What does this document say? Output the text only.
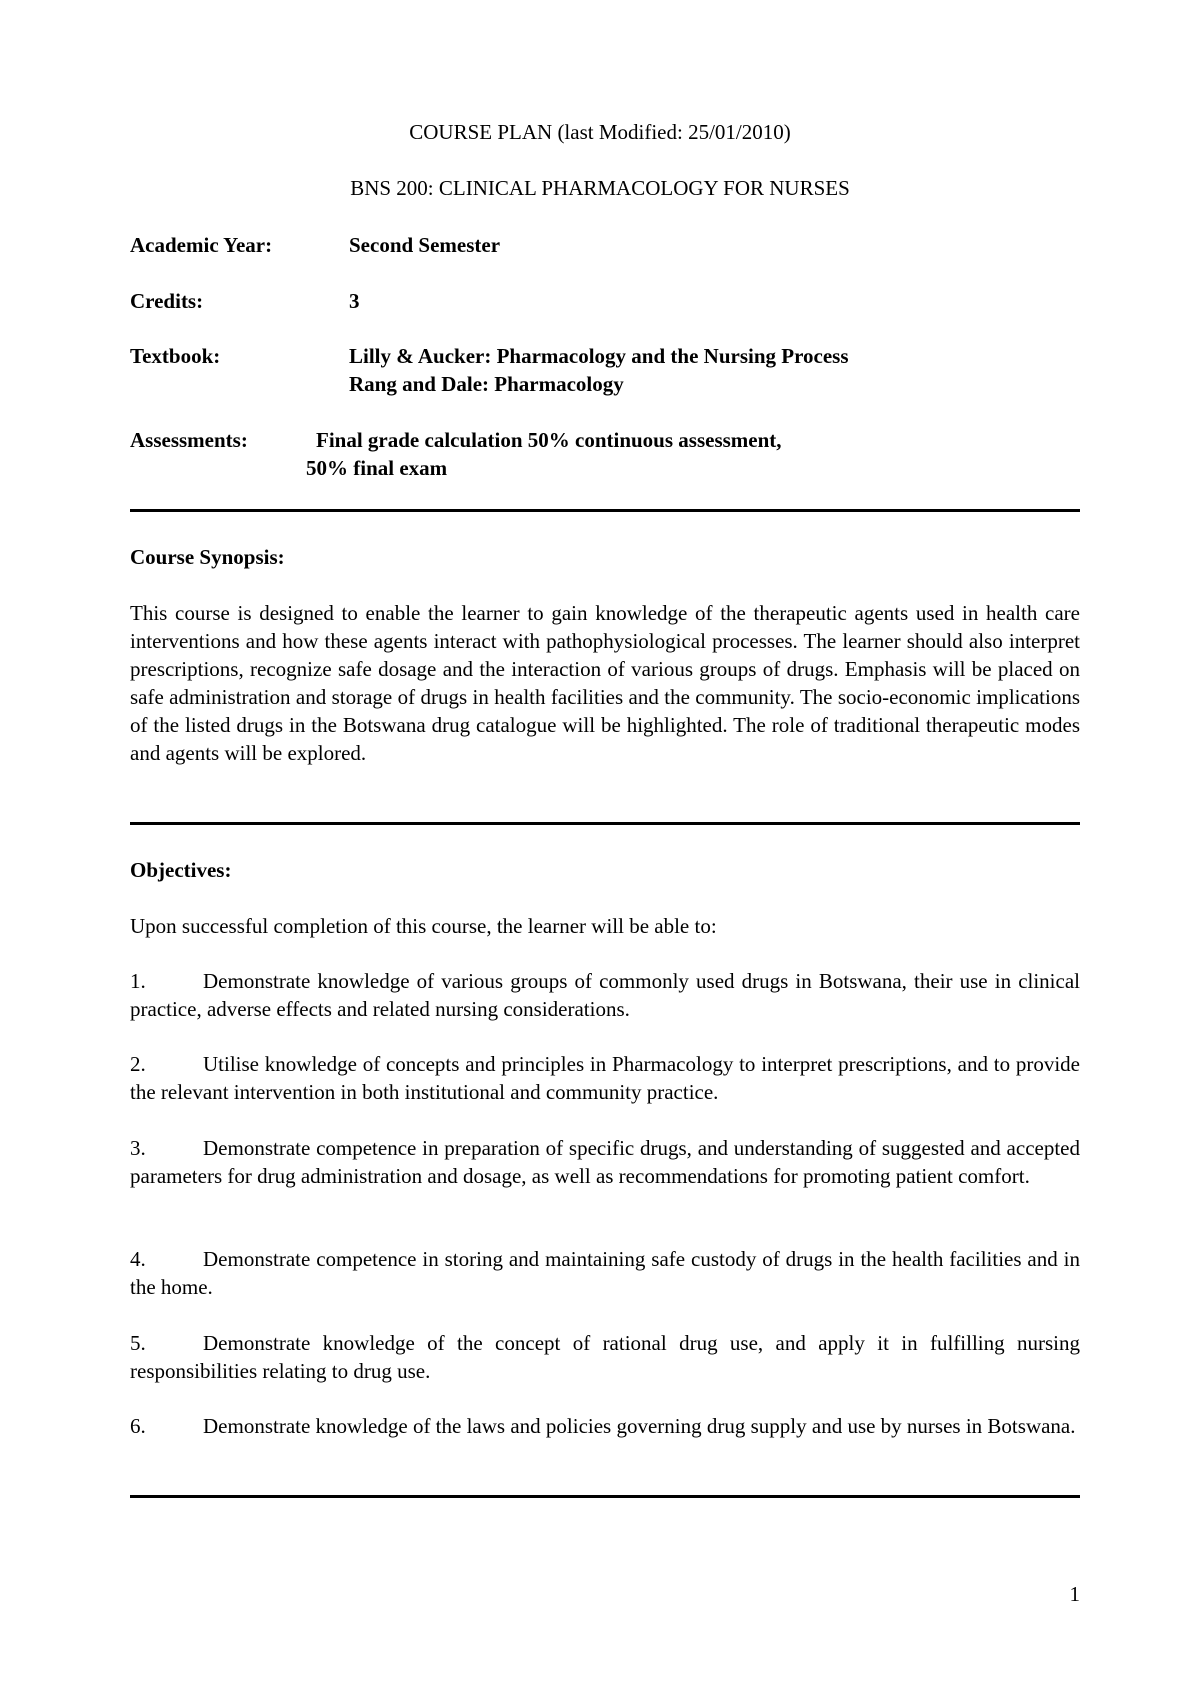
COURSE PLAN (last Modified: 25/01/2010)
BNS 200: CLINICAL PHARMACOLOGY FOR NURSES
Academic Year:	Second Semester
Credits:	3
Textbook:	Lilly & Aucker: Pharmacology and the Nursing Process
Rang and Dale: Pharmacology
Assessments:	Final grade calculation 50% continuous assessment,
50% final exam
Course Synopsis:
This course is designed to enable the learner to gain knowledge of the therapeutic agents used in health care interventions and how these agents interact with pathophysiological processes. The learner should also interpret prescriptions, recognize safe dosage and the interaction of various groups of drugs. Emphasis will be placed on safe administration and storage of drugs in health facilities and the community. The socio-economic implications of the listed drugs in the Botswana drug catalogue will be highlighted. The role of traditional therapeutic modes and agents will be explored.
Objectives:
Upon successful completion of this course, the learner will be able to:
1.	Demonstrate knowledge of various groups of commonly used drugs in Botswana, their use in clinical practice, adverse effects and related nursing considerations.
2.	Utilise knowledge of concepts and principles in Pharmacology to interpret prescriptions, and to provide the relevant intervention in both institutional and community practice.
3.	Demonstrate competence in preparation of specific drugs, and understanding of suggested and accepted parameters for drug administration and dosage, as well as recommendations for promoting patient comfort.
4.	Demonstrate competence in storing and maintaining safe custody of drugs in the health facilities and in the home.
5.	Demonstrate knowledge of the concept of rational drug use, and apply it in fulfilling nursing responsibilities relating to drug use.
6.	Demonstrate knowledge of the laws and policies governing drug supply and use by nurses in Botswana.
1
